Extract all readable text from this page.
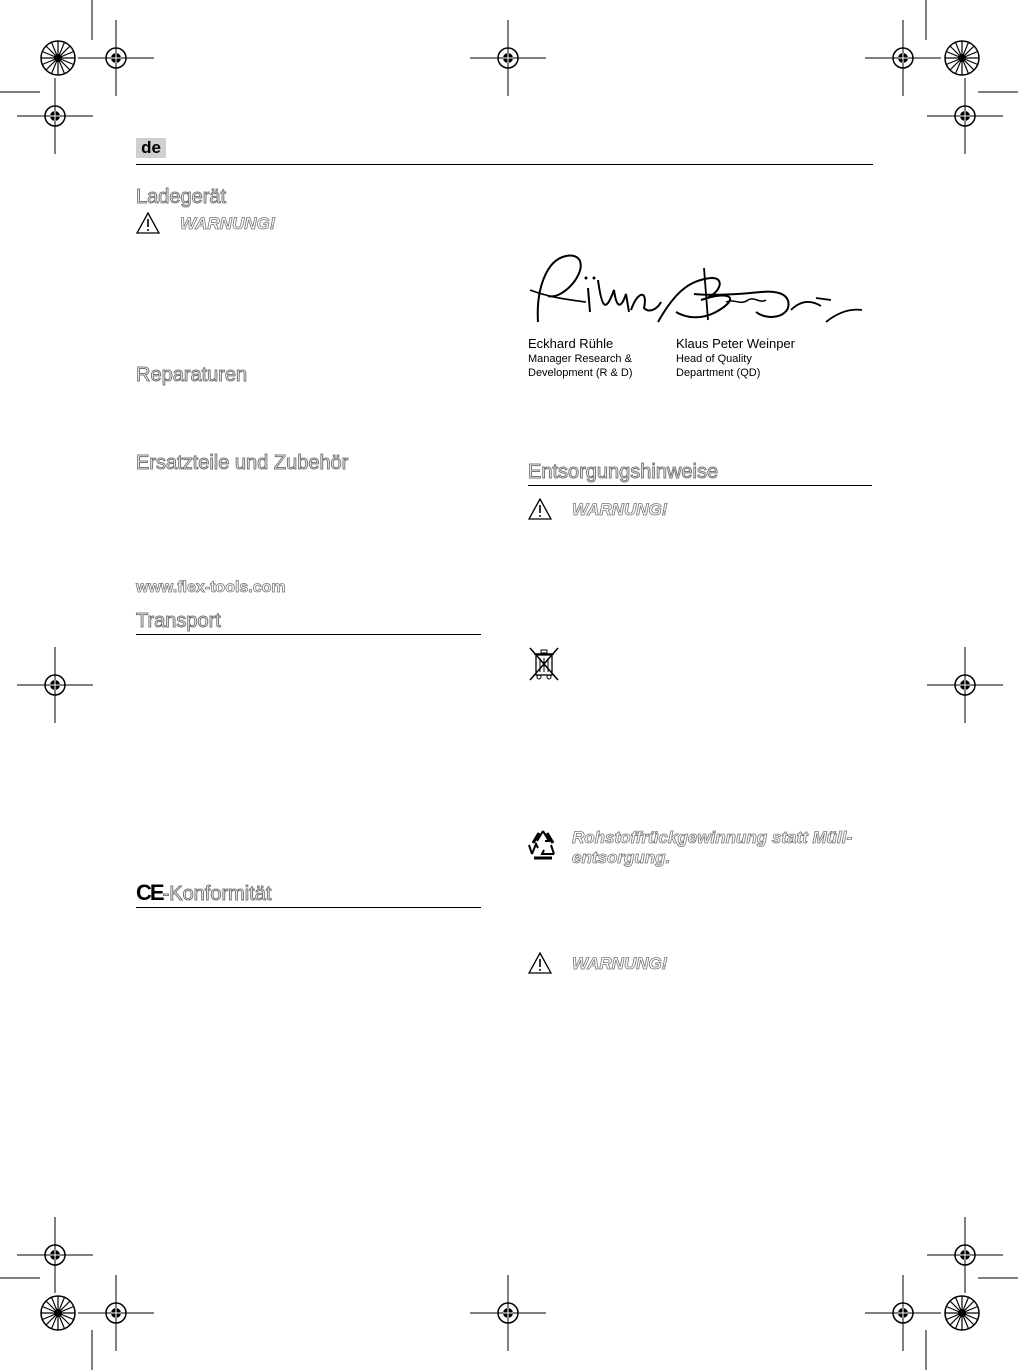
de
Ladegerät
WARNUNG!
Reparaturen
Ersatzteile und Zubehör
www.flex-tools.com
Transport
CE-Konformität
Eckhard Rühle
Manager Research &
Development (R & D)
Klaus Peter Weinper
Head of Quality
Department (QD)
Entsorgungshinweise
WARNUNG!
Rohstoffrückgewinnung statt Müll-entsorgung.
WARNUNG!
